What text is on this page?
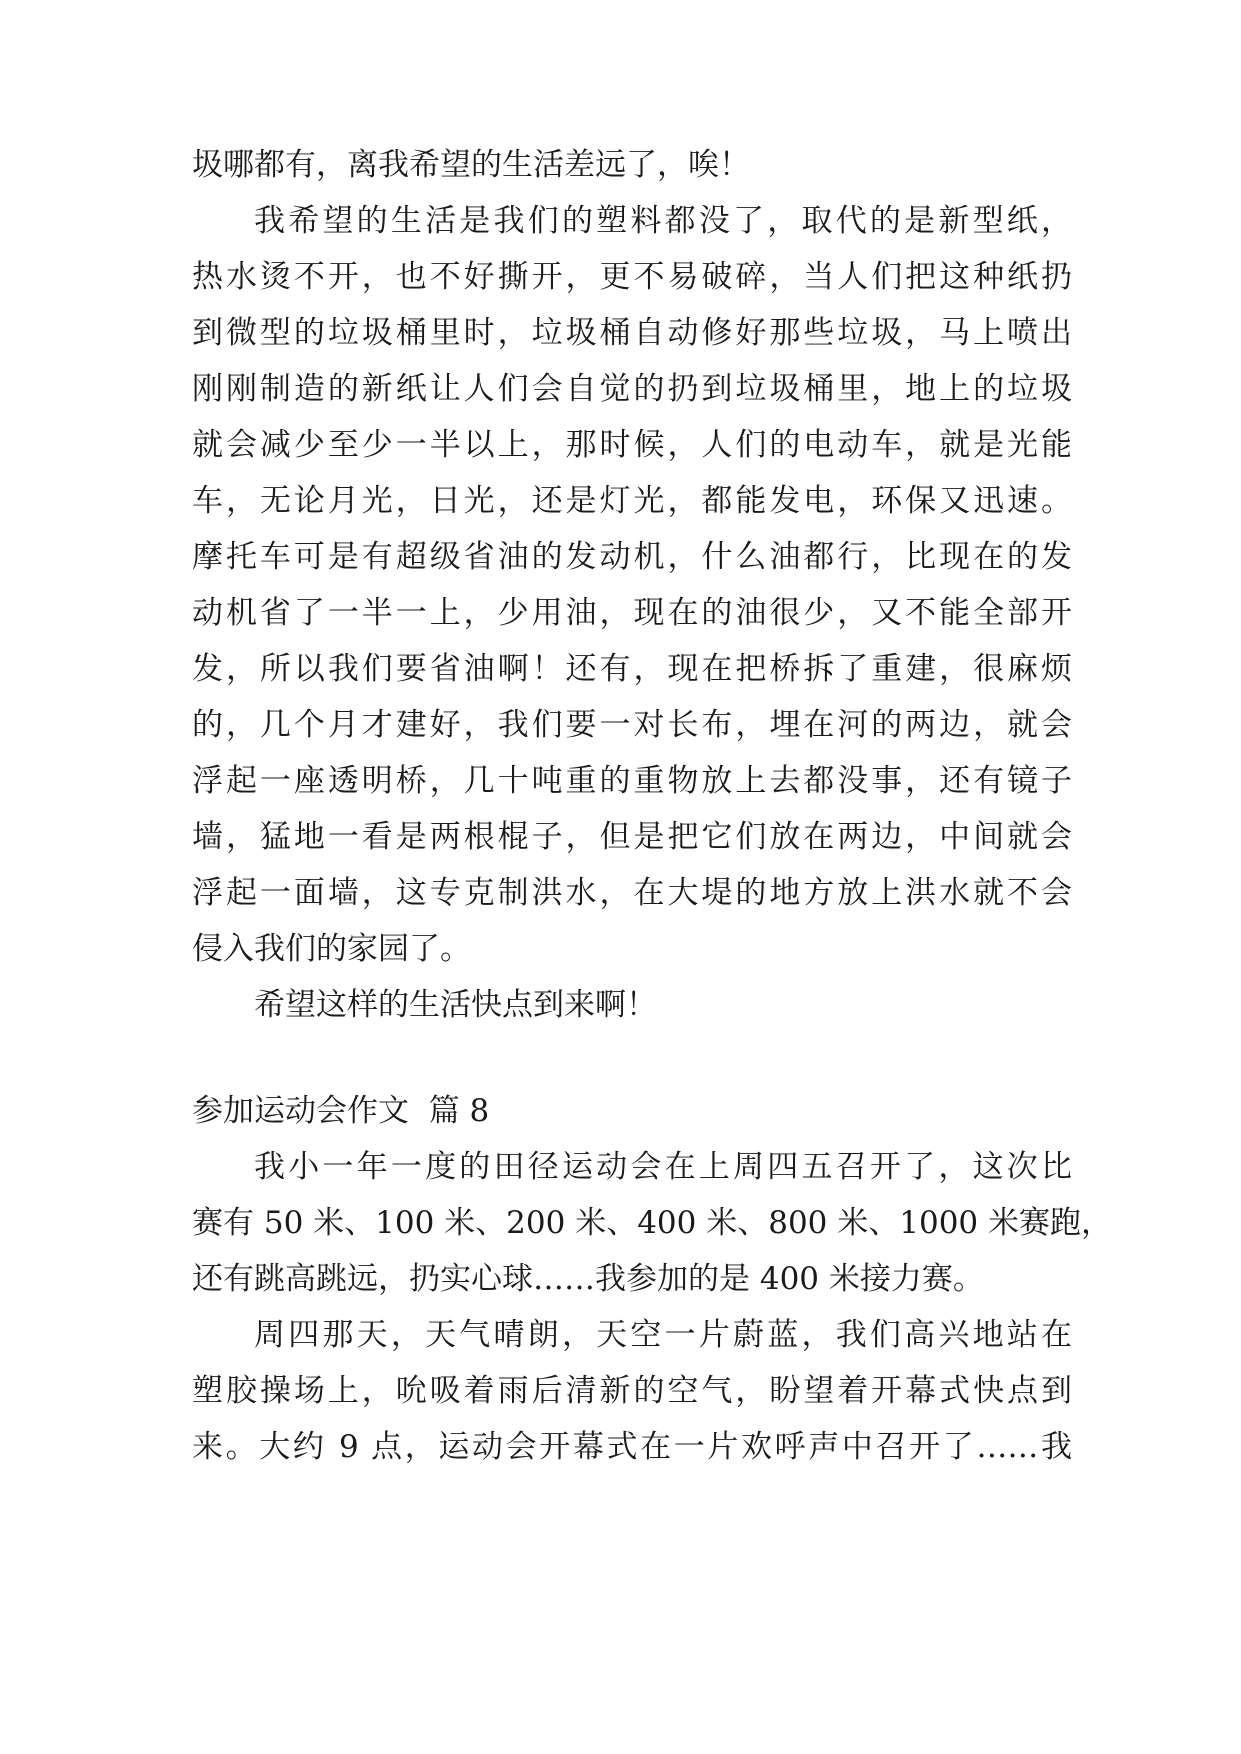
圾哪都有，离我希望的生活差远了，唉！
我希望的生活是我们的塑料都没了，取代的是新型纸，
热水烫不开，也不好撕开，更不易破碎，当人们把这种纸扔
到微型的垃圾桶里时，垃圾桶自动修好那些垃圾，马上喷出
刚刚制造的新纸让人们会自觉的扔到垃圾桶里，地上的垃圾
就会减少至少一半以上，那时候，人们的电动车，就是光能
车，无论月光，日光，还是灯光，都能发电，环保又迅速。
摩托车可是有超级省油的发动机，什么油都行，比现在的发
动机省了一半一上，少用油，现在的油很少，又不能全部开
发，所以我们要省油啊！还有，现在把桥拆了重建，很麻烦
的，几个月才建好，我们要一对长布，埋在河的两边，就会
浮起一座透明桥，几十吨重的重物放上去都没事，还有镜子
墙，猛地一看是两根棍子，但是把它们放在两边，中间就会
浮起一面墙，这专克制洪水，在大堤的地方放上洪水就不会
侵入我们的家园了。
希望这样的生活快点到来啊！
参加运动会作文  篇 8
我小一年一度的田径运动会在上周四五召开了，这次比
赛有 50 米、100 米、200 米、400 米、800 米、1000 米赛跑，
还有跳高跳远，扔实心球……我参加的是 400 米接力赛。
周四那天，天气晴朗，天空一片蔚蓝，我们高兴地站在
塑胶操场上，吮吸着雨后清新的空气，盼望着开幕式快点到
来。大约 9 点，运动会开幕式在一片欢呼声中召开了……我
